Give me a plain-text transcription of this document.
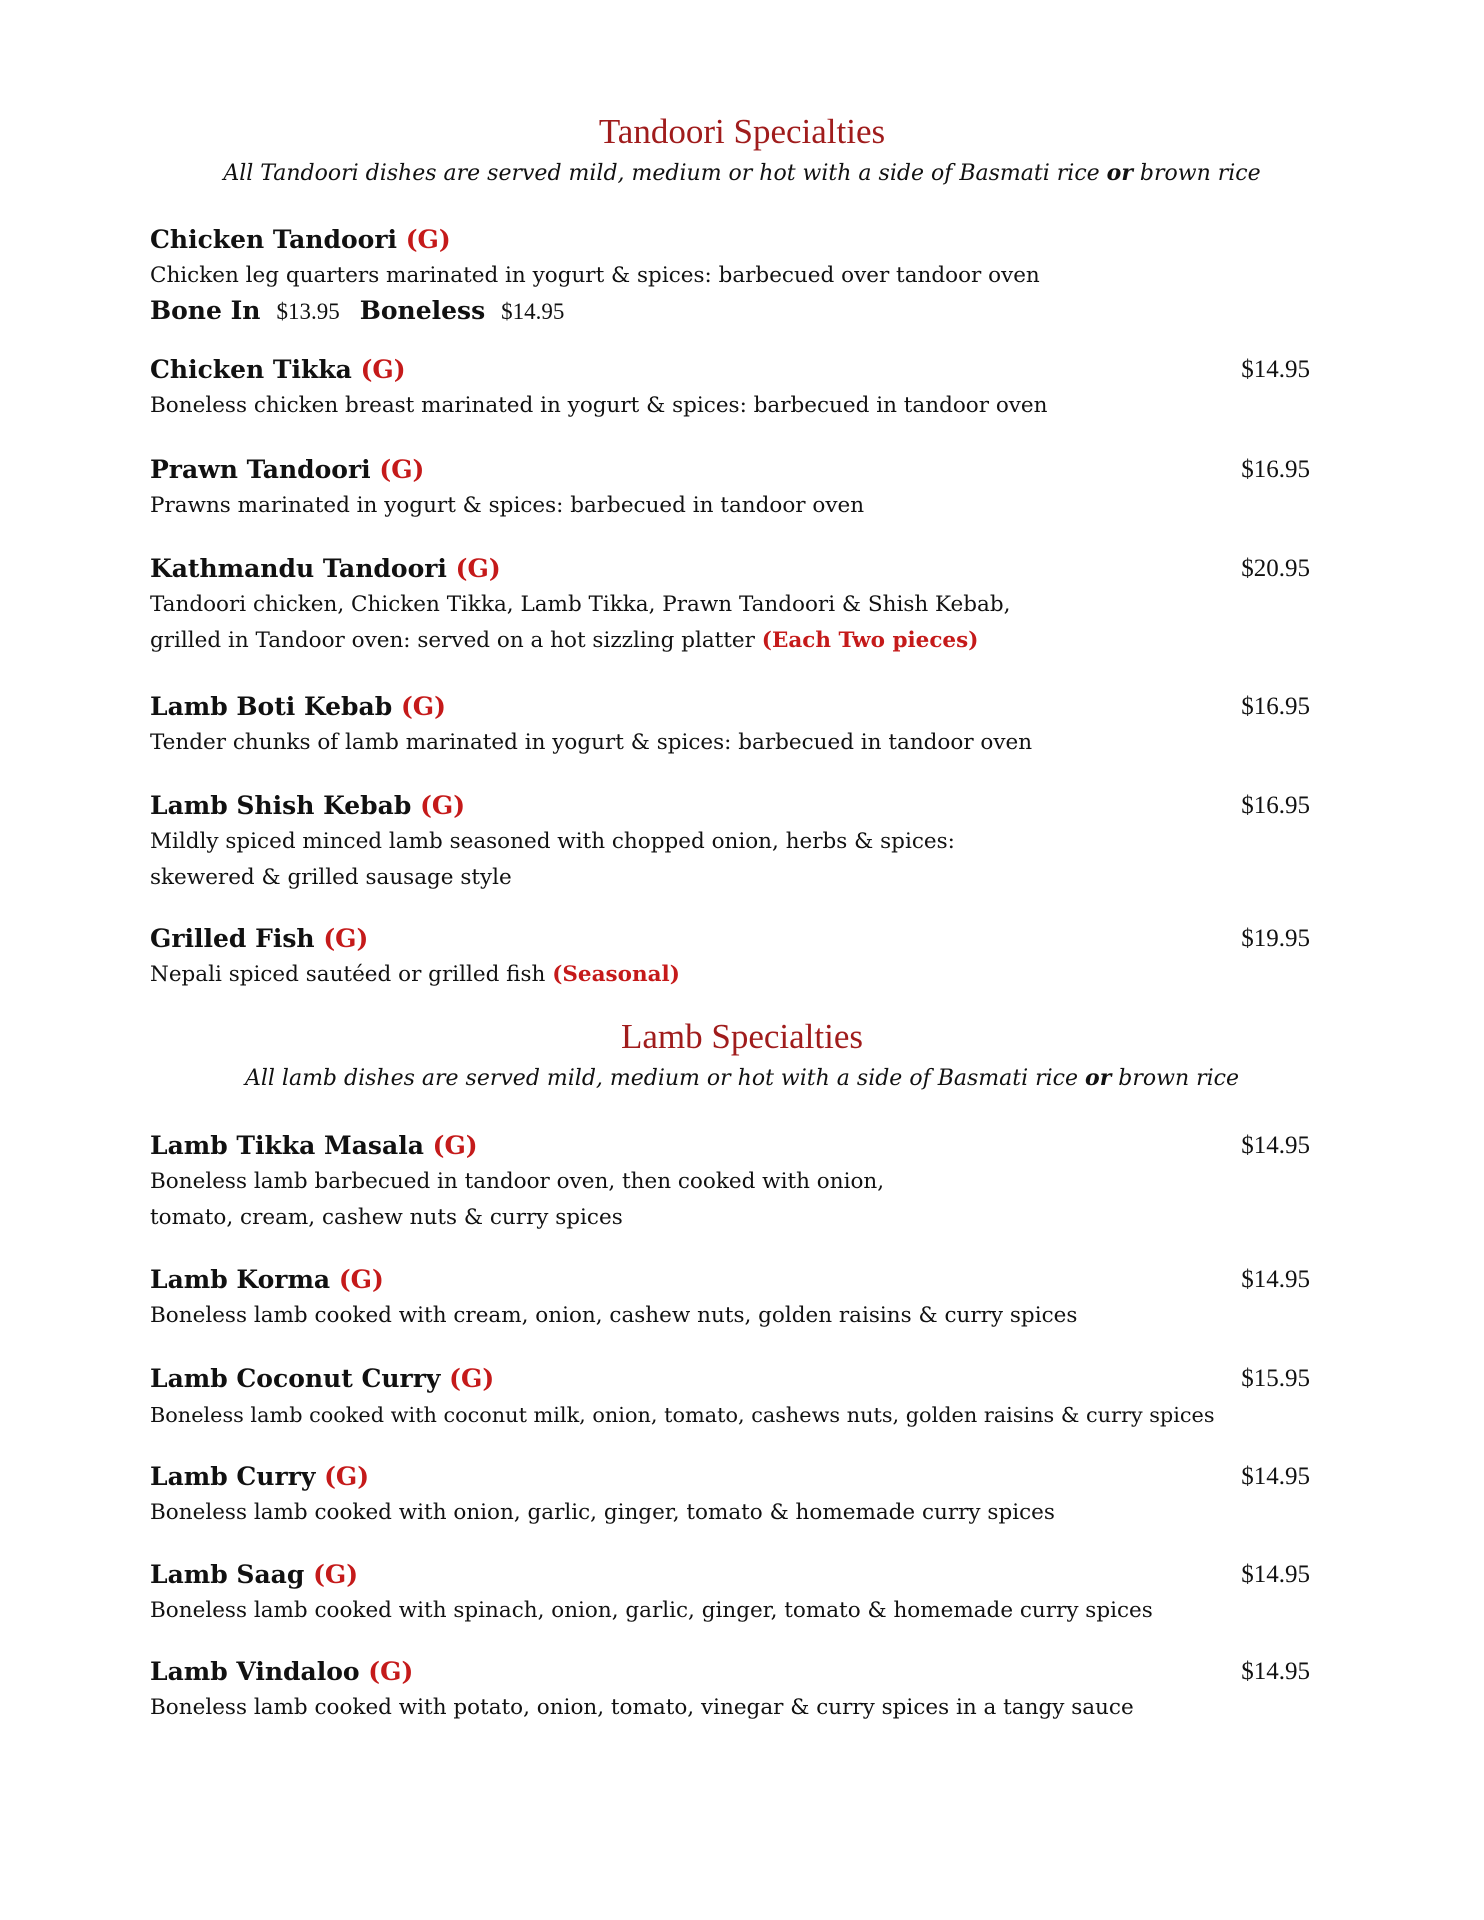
Tandoori Specialties
All Tandoori dishes are served mild, medium or hot with a side of Basmati rice or brown rice
Chicken Tandoori (G)
Chicken leg quarters marinated in yogurt & spices: barbecued over tandoor oven
Bone In $13.95 Boneless $14.95
Chicken Tikka (G)	$14.95
Boneless chicken breast marinated in yogurt & spices: barbecued in tandoor oven
Prawn Tandoori (G)	$16.95
Prawns marinated in yogurt & spices: barbecued in tandoor oven
Kathmandu Tandoori (G)	$20.95
Tandoori chicken, Chicken Tikka, Lamb Tikka, Prawn Tandoori & Shish Kebab,
grilled in Tandoor oven: served on a hot sizzling platter (Each Two pieces)
Lamb Boti Kebab (G)	$16.95
Tender chunks of lamb marinated in yogurt & spices: barbecued in tandoor oven
Lamb Shish Kebab (G)	$16.95
Mildly spiced minced lamb seasoned with chopped onion, herbs & spices:
skewered & grilled sausage style
Grilled Fish (G)	$19.95
Nepali spiced sautéed or grilled fish (Seasonal)
Lamb Specialties
All lamb dishes are served mild, medium or hot with a side of Basmati rice or brown rice
Lamb Tikka Masala (G)	$14.95
Boneless lamb barbecued in tandoor oven, then cooked with onion,
tomato, cream, cashew nuts & curry spices
Lamb Korma (G)	$14.95
Boneless lamb cooked with cream, onion, cashew nuts, golden raisins & curry spices
Lamb Coconut Curry (G)	$15.95
Boneless lamb cooked with coconut milk, onion, tomato, cashews nuts, golden raisins & curry spices
Lamb Curry (G)	$14.95
Boneless lamb cooked with onion, garlic, ginger, tomato & homemade curry spices
Lamb Saag (G)	$14.95
Boneless lamb cooked with spinach, onion, garlic, ginger, tomato & homemade curry spices
Lamb Vindaloo (G)	$14.95
Boneless lamb cooked with potato, onion, tomato, vinegar & curry spices in a tangy sauce
